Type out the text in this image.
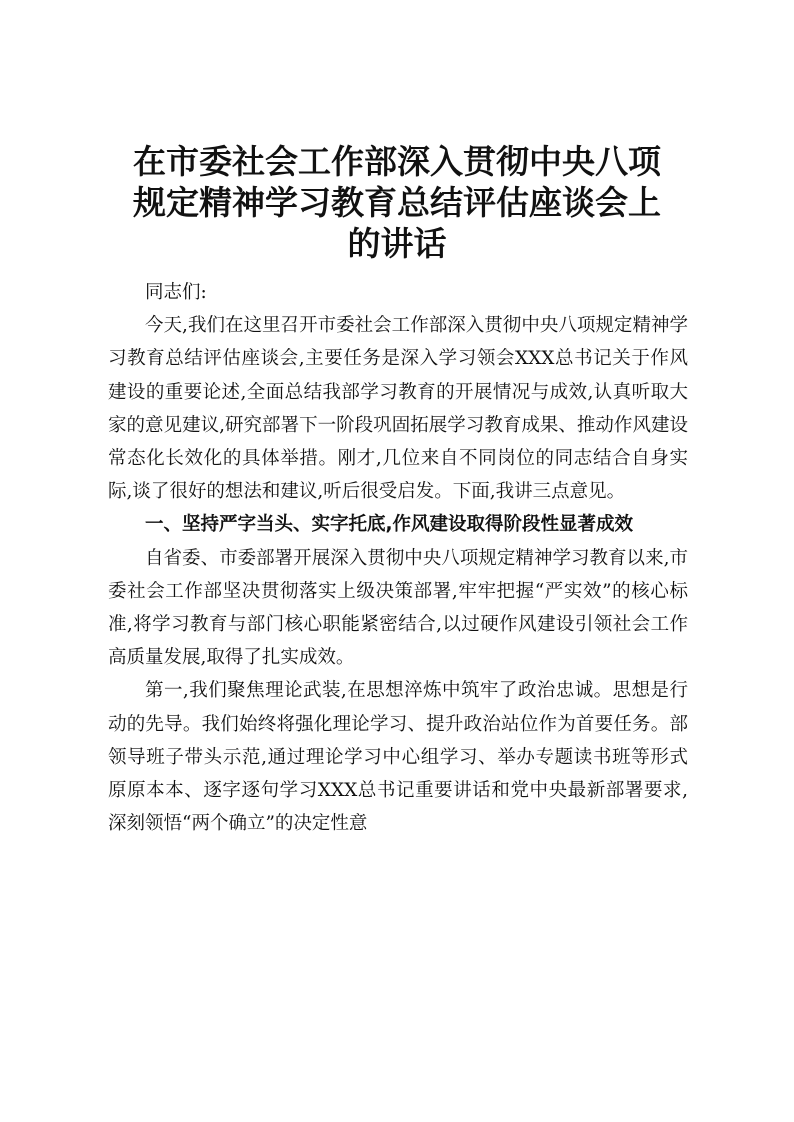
在市委社会工作部深入贯彻中央八项
规定精神学习教育总结评估座谈会上
的讲话

同志们:

今天,我们在这里召开市委社会工作部深入贯彻中央八项规定精神学习教育总结评估座谈会,主要任务是深入学习领会XXX总书记关于作风建设的重要论述,全面总结我部学习教育的开展情况与成效,认真听取大家的意见建议,研究部署下一阶段巩固拓展学习教育成果、推动作风建设常态化长效化的具体举措。刚才,几位来自不同岗位的同志结合自身实际,谈了很好的想法和建议,听后很受启发。下面,我讲三点意见。

一、坚持严字当头、实字托底,作风建设取得阶段性显著成效

自省委、市委部署开展深入贯彻中央八项规定精神学习教育以来,市委社会工作部坚决贯彻落实上级决策部署,牢牢把握“严实效”的核心标准,将学习教育与部门核心职能紧密结合,以过硬作风建设引领社会工作高质量发展,取得了扎实成效。

第一,我们聚焦理论武装,在思想淬炼中筑牢了政治忠诚。思想是行动的先导。我们始终将强化理论学习、提升政治站位作为首要任务。部领导班子带头示范,通过理论学习中心组学习、举办专题读书班等形式 原原本本、逐字逐句学习XXX总书记重要讲话和党中央最新部署要求,深刻领悟“两个确立”的决定性意
